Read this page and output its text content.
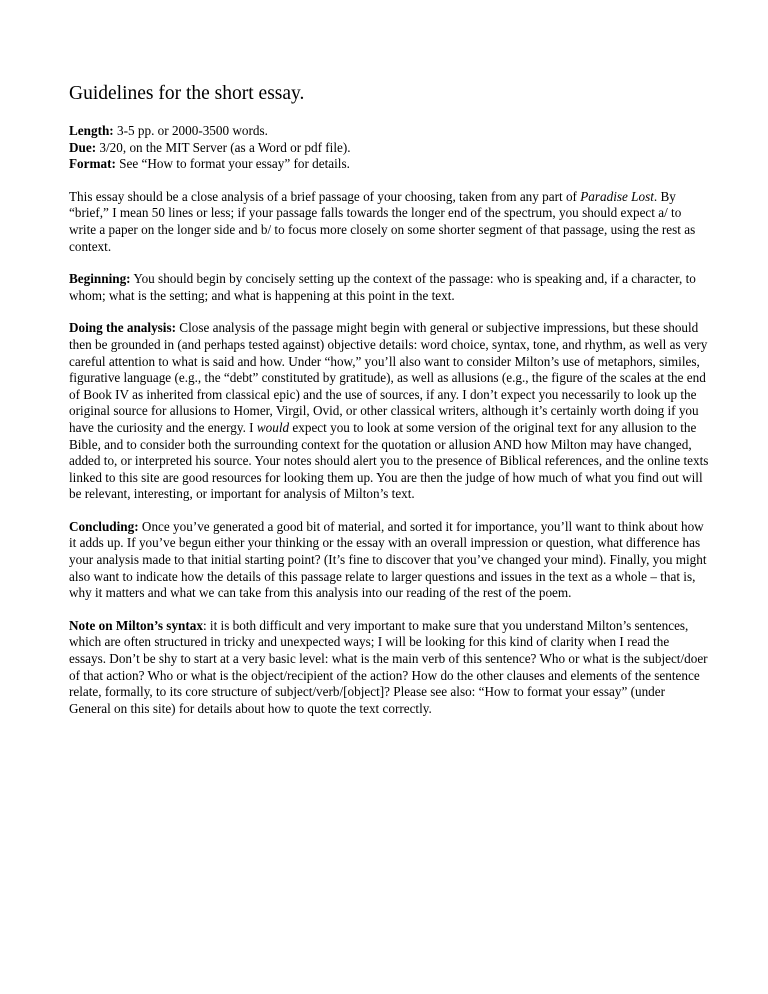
Guidelines for the short essay.
Length: 3-5 pp. or 2000-3500 words.
Due: 3/20, on the MIT Server (as a Word or pdf file).
Format: See “How to format your essay” for details.

This essay should be a close analysis of a brief passage of your choosing, taken from any part of Paradise Lost. By “brief,” I mean 50 lines or less; if your passage falls towards the longer end of the spectrum, you should expect a/ to write a paper on the longer side and b/ to focus more closely on some shorter segment of that passage, using the rest as context.

Beginning: You should begin by concisely setting up the context of the passage: who is speaking and, if a character, to whom; what is the setting; and what is happening at this point in the text.

Doing the analysis: Close analysis of the passage might begin with general or subjective impressions, but these should then be grounded in (and perhaps tested against) objective details: word choice, syntax, tone, and rhythm, as well as very careful attention to what is said and how. Under “how,” you’ll also want to consider Milton’s use of metaphors, similes, figurative language (e.g., the “debt” constituted by gratitude), as well as allusions (e.g., the figure of the scales at the end of Book IV as inherited from classical epic) and the use of sources, if any. I don’t expect you necessarily to look up the original source for allusions to Homer, Virgil, Ovid, or other classical writers, although it’s certainly worth doing if you have the curiosity and the energy. I would expect you to look at some version of the original text for any allusion to the Bible, and to consider both the surrounding context for the quotation or allusion AND how Milton may have changed, added to, or interpreted his source. Your notes should alert you to the presence of Biblical references, and the online texts linked to this site are good resources for looking them up. You are then the judge of how much of what you find out will be relevant, interesting, or important for analysis of Milton’s text.

Concluding: Once you’ve generated a good bit of material, and sorted it for importance, you’ll want to think about how it adds up. If you’ve begun either your thinking or the essay with an overall impression or question, what difference has your analysis made to that initial starting point? (It’s fine to discover that you’ve changed your mind). Finally, you might also want to indicate how the details of this passage relate to larger questions and issues in the text as a whole – that is, why it matters and what we can take from this analysis into our reading of the rest of the poem.

Note on Milton’s syntax: it is both difficult and very important to make sure that you understand Milton’s sentences, which are often structured in tricky and unexpected ways; I will be looking for this kind of clarity when I read the essays. Don’t be shy to start at a very basic level: what is the main verb of this sentence? Who or what is the subject/doer of that action? Who or what is the object/recipient of the action? How do the other clauses and elements of the sentence relate, formally, to its core structure of subject/verb/[object]? Please see also: “How to format your essay” (under General on this site) for details about how to quote the text correctly.
